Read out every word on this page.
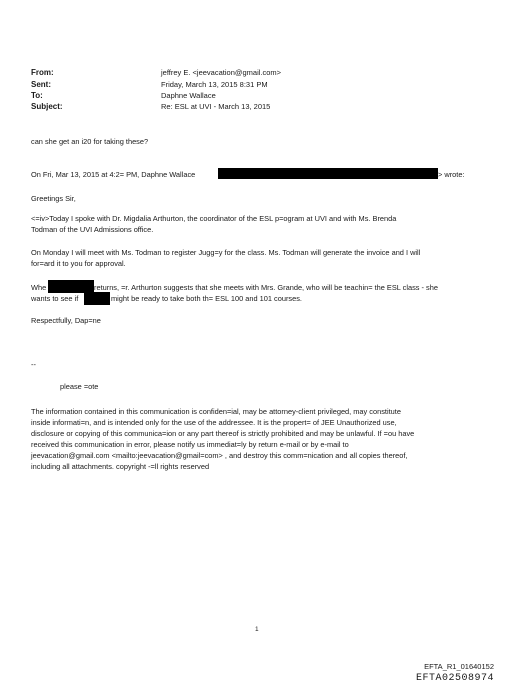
From:	jeffrey E. <jeevacation@gmail.com>
Sent:	Friday, March 13, 2015 8:31 PM
To:	Daphne Wallace
Subject:	Re: ESL at UVI - March 13, 2015
can she get an i20 for taking these?
On Fri, Mar 13, 2015 at 4:2= PM, Daphne Wallace	> wrote:
Greetings Sir,
<=iv>Today I spoke with Dr. Migdalia Arthurton, the coordinator of the ESL p=ogram at UVI and with Ms. Brenda
Todman of the UVI Admissions office.
On Monday I will meet with Ms. Todman to register Jugg=y for the class. Ms. Todman will generate the invoice and I will
for=ard it to you for approval.
Whe	returns, =r. Arthurton suggests that she meets with Mrs. Grande, who will be teachin= the ESL class - she
wants to see if	might be ready to take both th= ESL 100 and 101 courses.
Respectfully, Dap=ne
--
please =ote
The information contained in this communication is confiden=ial, may be attorney-client privileged, may constitute
inside informati=n, and is intended only for the use of the addressee. It is the propert= of JEE Unauthorized use,
disclosure or copying of this communica=ion or any part thereof is strictly prohibited and may be unlawful. If =ou have
received this communication in error, please notify us immediat=ly by return e-mail or by e-mail to
jeevacation@gmail.com <mailto:jeevacation@gmail=com> , and destroy this comm=nication and all copies thereof,
including all attachments. copyright -=ll rights reserved
1
EFTA_R1_01640152
EFTA02508974
